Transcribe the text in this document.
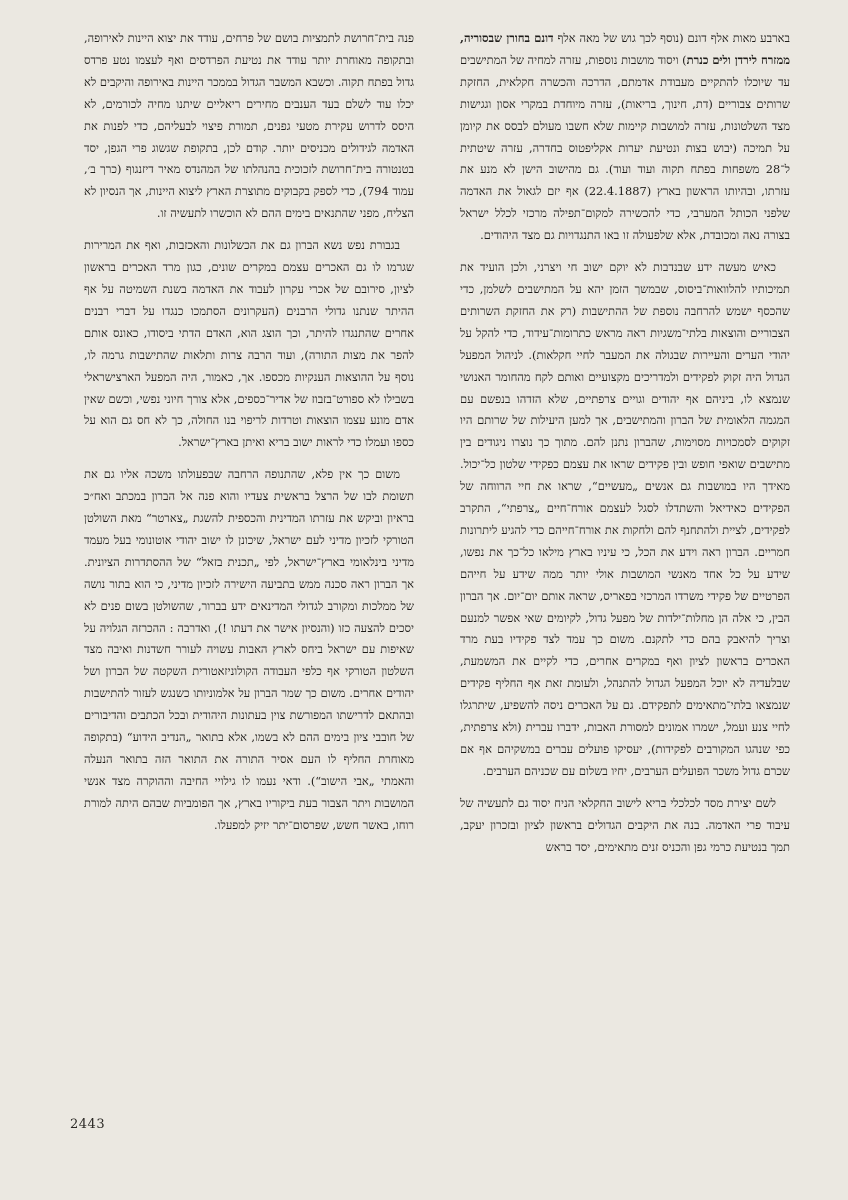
בארבע מאות אלף דונם (נוסף לכך גוש של מאה אלף דונם בחורן שבסוריה, ממזרח לירדן וליּם כנרת) ויסוד מושבות נוספות, עזרה למחיה של המתישבים עד שיוכלו להתקיים מעבודת אדמתם, הדרכה והכשרה חקלאית, החזקת שרותים צבוריים (דת, חינוך, בריאות), עזרה מיוחדת במקרי אסון וגגישות מצד השלטונות, עזרה למושבות קיימות שלא חשבו מעולם לבסס את קיומן על תמיכה (יבוש בצות ונטיעת יערות אקליפטוס בחדרה, עזרה שיטתית ל־28 משפחות בפתח תקוה ועוד ועוד). גם מהישוב הישן לא מנע את עזרתו, ובהיותו הראשון בארץ (22.4.1887) אף יזם לגאול את האדמה שלפני הכותל המערבי, כדי להכשירה למקום־תפילה מרכזי לכלל ישראל בצורה נאה ומכובדת, אלא שלפעולה זו באו התנגדויות גם מצד היהודים.

כאיש מעשה ידע שבנדבות לא יוקם ישוב חי ויצרני, ולכן הועיד את תמיכותיו להלוואות־ביסוס, שבמשך הזמן יהא על המתישבים לשלמן, כדי שהכסף ישמש להרחבה נוספת של ההתישבות (רק את החזקת השרותים הצבוריים והוצאות בלתי־משגיות ראה מראש כתרומות־עידוד, כדי להקל על יהודי הערים והעיירות שבגולה את המעבר לחיי חקלאות). לניהול המפעל הגדול היה זקוק לפקידים ולמדריכים מקצועיים ואותם לקח מהחומר האנושי שנמצא לו, ביניהם אף יהודים וגויים צרפתיים, שלא הזדהו בנפשם עם המגמה הלאומית של הברון והמתישבים, אך למען היעילות של שרותם היו זקוקים לסמכויות מסוימות, שהברון נתנן להם. מתוך כך נוצרו ניגודים בין מתישבים שואפי חופש ובין פקידים שראו את עצמם כפקידי שלטון כל־יכול. מאידך היו במושבות גם אנשים „מעשיים“, שראו את חיי הרווחה של הפקידים כאידיאל והשתדלו לסגל לעצמם אורח־חיים „צרפתי“, התקרב לפקידים, לציית ולהתחנף להם ולחקות את אורח־חייהם כדי להגיע ליתרונות חמריים. הברון ראה וידע את הכל, כי עיניו בארץ מילאו כל־כך את נפשו, שידע על כל אחד מאנשי המושבות אולי יותר ממה שידע על חייהם הפרטיים של פקידי משרדו המרכזי בפאריס, שראה אותם יום־יום. אך הברון הבין, כי אלה הן מחלות־ילדות של מפעל גדול, לקיומים שאי אפשר למנעם וצריך להיאבק בהם כדי לתקנם. משום כך עמד לצד פקידיו בעת מרד האכרים בראשון לציון ואף במקרים אחרים, כדי לקיים את המשמעת, שבלעדיה לא יוכל המפעל הגדול להתנהל, ולעומת זאת אף החליף פקידים שנמצאו בלתי־מתאימים לתפקידם. גם על האכרים ניסה להשפיע, שיתרגלו לחיי צנע ועמל, ישמרו אמונים למסורת האבות, ידברו עברית (ולא צרפתית, כפי שנהגו המקורבים לפקידות), יעסיקו פועלים עברים במשקיהם אף אם שכרם גדול משכר הפועלים הערבים, יחיו בשלום עם שכניהם הערבים.

לשם יצירת מסד לכלכלי בריא לישוב החקלאי הניח יסוד גם לתעשיה של עיבוד פרי האדמה. בנה את היקבים הגדולים בראשון לציון ובזכרון יעקב, תמך בנטיעת כרמי גפן והכניס זנים מתאימים, יסד בראש

פנה בית־חרושת לתמציות בושם של פרחים, עודד את יצוא היינות לאירופה, ובתקופה מאוחרת יותר עודד את נטיעת הפרדסים ואף לעצמו נטע פרדס גדול בפתח תקוה. וכשבא המשבר הגדול בממכר היינות באירופה והיקבים לא יכלו עוד לשלם בעד הענבים מחירים ריאליים שיתנו מחיה לכורמים, לא היסס לדרוש עקירת מטעי גפנים, תמורת פיצוי לבעליהם, כדי לפנות את האדמה לגידולים מכניסים יותר. קודם לכן, בתקופת שגשוג פרי הגפן, יסד בטנטורה בית־חרושת לזכוכית בהנהלתו של המהנדס מאיר דיזנגוף (כרך ב׳, עמוד 794), כדי לספק בקבוקים מתוצרת הארץ ליצוא היינות, אך הנסיון לא הצליח, מפני שהתנאים בימים ההם לא הוכשרו לתעשיה זו.

בגבורת נפש נשא הברון גם את הכשלונות והאכזבות, ואף את המרירות שגרמו לו גם האכרים עצמם במקרים שונים, כגון מרד האכרים בראשון לציון, סירובם של אכרי עקרון לעבוד את האדמה בשנת השמיטה על אף ההיתר שנתנו גדולי הרבנים (העקרונים הסתמכו כנגדו על דברי רבנים אחרים שהתנגדו להיתר, וכך הוצג הוא, האדם הדתי ביסודו, כאונס אותם להפר את מצות התורה), ועוד הרבה צרות ותלאות שהתישבות גרמה לו, נוסף על ההוצאות הענקיות מכספו. אך, כאמור, היה המפעל הארצישראלי בשבילו לא ספורט־בזבוז של אדיר־כספים, אלא צורך חיוני נפשי, וכשם שאין אדם מונע עצמו הוצאות וטרדות לריפוי בנו החולה, כך לא חס גם הוא על כספו ועמלו כדי לראות ישוב בריא ואיתן בארץ־ישראל.

משום כך אין פלא, שהתנופה הרחבה שבפעולתו משכה אליו גם את תשומת לבו של הרצל בראשית צעדיו והוא פנה אל הברון במכתב ואח״כ בראיון וביקש את עזרתו המדינית והכספית להשגת „צארטר“ מאת השולטן הטורקי לזכיון מדיני לעם ישראל, שיכונן לו ישוב יהודי אוטונומי בעל מעמד מדיני בינלאומי בארץ־ישראל, לפי „תכנית בזאל“ של ההסתדרות הציונית. אך הברון ראה סכנה ממש בתביעה הישירה לזכיון מדיני, כי הוא בתור נושה של ממלכות ומקורב לגדולי המדינאים ידע בברור, שהשולטן בשום פנים לא יסכים להצעה כזו (והנסיון אישר את דעתו !), ואדרבה : ההכרזה הגלויה על שאיפות עם ישראל ביחס לארץ האבות עשויה לעורר חשדנות ואיבה מצד השלטון הטורקי אף כלפי העבודה הקולוניזאטורית השקטה של הברון ושל יהודים אחרים. משום כך שמר הברון על אלמוניותו כשנגש לעזור להתישבות ובהתאם לדרישתו המפורשת צוין בעתונות היהודית ובכל הכתבים והדיבורים של חובבי ציון בימים ההם לא בשמו, אלא בתואר „הנדיב הידוע“ (בתקופה מאוחרת החליף לו העם אסיר התורה את התואר הזה בתואר הנעלה והאמתי „אבי הישוב“). ודאי נעמו לו גילויי החיבה וההוקרה מצד אנשי המושבות ויתר הצבור בעת ביקוריו בארץ, אך הפומביות שבהם היתה למורת רוחו, באשר חשש, שפרסום־יתר יזיק למפעלו.

2443
